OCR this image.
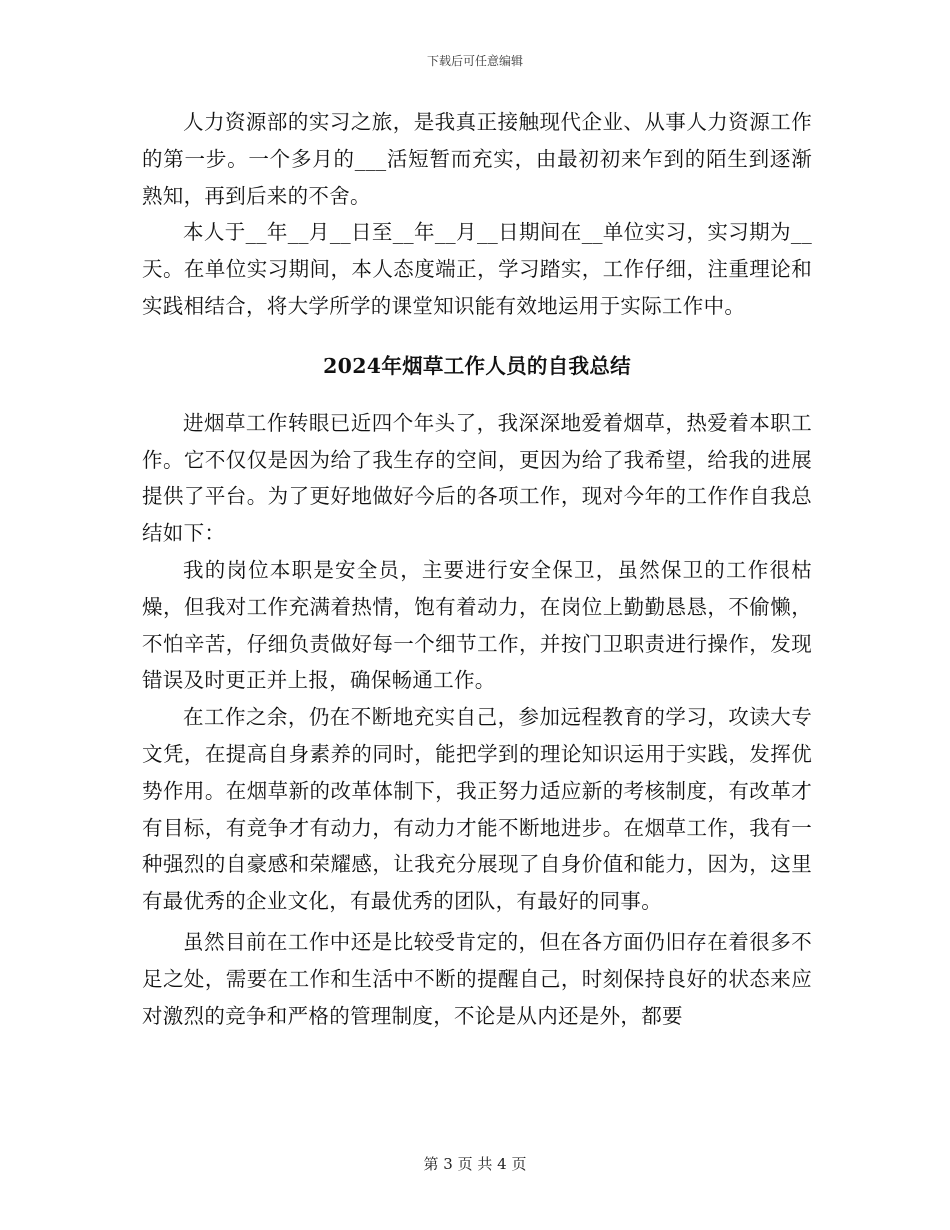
下载后可任意编辑

人力资源部的实习之旅，是我真正接触现代企业、从事人力资源工作的第一步。一个多月的___活短暂而充实，由最初初来乍到的陌生到逐渐熟知，再到后来的不舍。

本人于__年__月__日至__年__月__日期间在__单位实习，实习期为__天。在单位实习期间，本人态度端正，学习踏实，工作仔细，注重理论和实践相结合，将大学所学的课堂知识能有效地运用于实际工作中。

2024年烟草工作人员的自我总结

进烟草工作转眼已近四个年头了，我深深地爱着烟草，热爱着本职工作。它不仅仅是因为给了我生存的空间，更因为给了我希望，给我的进展提供了平台。为了更好地做好今后的各项工作，现对今年的工作作自我总结如下：

我的岗位本职是安全员，主要进行安全保卫，虽然保卫的工作很枯燥，但我对工作充满着热情，饱有着动力，在岗位上勤勤恳恳，不偷懒，不怕辛苦，仔细负责做好每一个细节工作，并按门卫职责进行操作，发现错误及时更正并上报，确保畅通工作。

在工作之余，仍在不断地充实自己，参加远程教育的学习，攻读大专文凭，在提高自身素养的同时，能把学到的理论知识运用于实践，发挥优势作用。在烟草新的改革体制下，我正努力适应新的考核制度，有改革才有目标，有竞争才有动力，有动力才能不断地进步。在烟草工作，我有一种强烈的自豪感和荣耀感，让我充分展现了自身价值和能力，因为，这里有最优秀的企业文化，有最优秀的团队，有最好的同事。

虽然目前在工作中还是比较受肯定的，但在各方面仍旧存在着很多不足之处，需要在工作和生活中不断的提醒自己，时刻保持良好的状态来应对激烈的竞争和严格的管理制度，不论是从内还是外，都要

第 3 页 共 4 页
